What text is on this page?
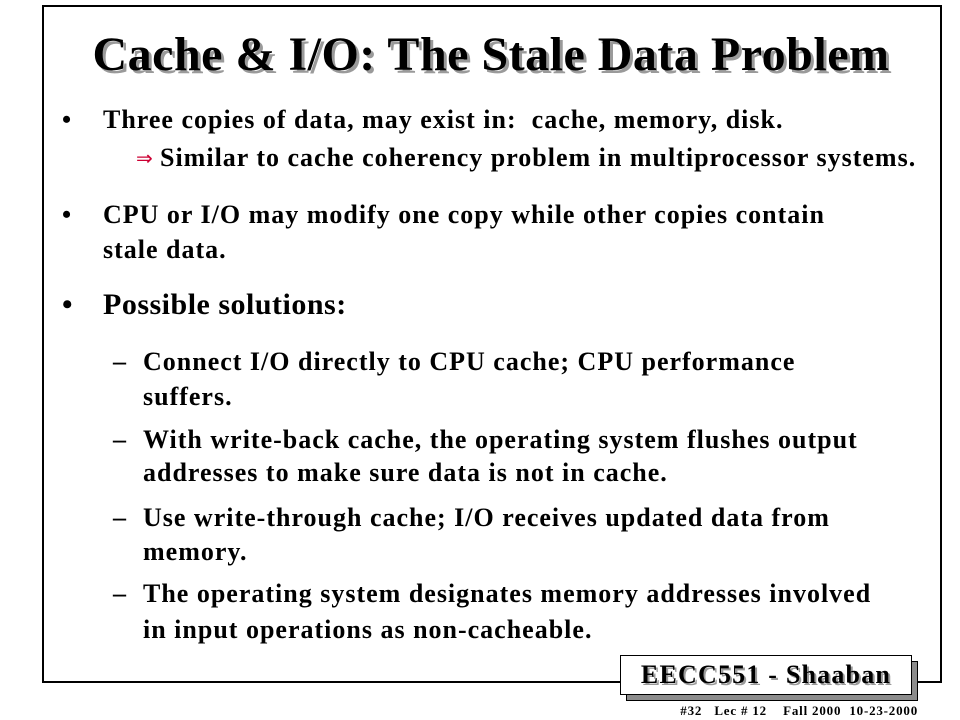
Cache & I/O: The Stale Data Problem
• Three copies of data, may exist in:  cache, memory, disk.
⇒ Similar to cache coherency problem in multiprocessor systems.
• CPU or I/O may modify one copy while other copies contain
stale data.
• Possible solutions:
– Connect I/O directly to CPU cache; CPU performance
suffers.
– With write-back cache, the operating system flushes output
addresses to make sure data is not in cache.
– Use write-through cache; I/O receives updated data from
memory.
– The operating system designates memory addresses involved
in input operations as non-cacheable.
EECC551 - Shaaban
#32   Lec # 12    Fall 2000  10-23-2000
